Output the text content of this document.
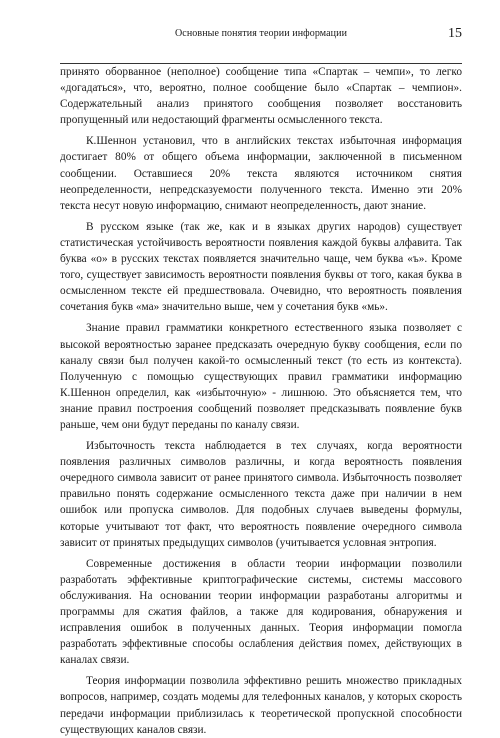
Основные понятия теории информации	15

принято оборванное (неполное) сообщение типа «Спартак – чемпи», то легко «догадаться», что, вероятно, полное сообщение было «Спартак – чемпион». Содержательный анализ принятого сообщения позволяет восстановить пропущенный или недостающий фрагменты осмысленного текста.

К.Шеннон установил, что в английских текстах избыточная информация достигает 80% от общего объема информации, заключенной в письменном сообщении. Оставшиеся 20% текста являются источником снятия неопределенности, непредсказуемости полученного текста. Именно эти 20% текста несут новую информацию, снимают неопределенность, дают знание.

В русском языке (так же, как и в языках других народов) существует статистическая устойчивость вероятности появления каждой буквы алфавита. Так буква «о» в русских текстах появляется значительно чаще, чем буква «ъ». Кроме того, существует зависимость вероятности появления буквы от того, какая буква в осмысленном тексте ей предшествовала. Очевидно, что вероятность появления сочетания букв «ма» значительно выше, чем у сочетания букв «мь».

Знание правил грамматики конкретного естественного языка позволяет с высокой вероятностью заранее предсказать очередную букву сообщения, если по каналу связи был получен какой-то осмысленный текст (то есть из контекста). Полученную с помощью существующих правил грамматики информацию К.Шеннон определил, как «избыточную» - лишнюю. Это объясняется тем, что знание правил построения сообщений позволяет предсказывать появление букв раньше, чем они будут переданы по каналу связи.

Избыточность текста наблюдается в тех случаях, когда вероятности появления различных символов различны, и когда вероятность появления очередного символа зависит от ранее принятого символа. Избыточность позволяет правильно понять содержание осмысленного текста даже при наличии в нем ошибок или пропуска символов. Для подобных случаев выведены формулы, которые учитывают тот факт, что вероятность появление очередного символа зависит от принятых предыдущих символов (учитывается условная энтропия.

Современные достижения в области теории информации позволили разработать эффективные криптографические системы, системы массового обслуживания. На основании теории информации разработаны алгоритмы и программы для сжатия файлов, а также для кодирования, обнаружения и исправления ошибок в полученных данных. Теория информации помогла разработать эффективные способы ослабления действия помех, действующих в каналах связи.

Теория информации позволила эффективно решить множество прикладных вопросов, например, создать модемы для телефонных каналов, у которых скорость передачи информации приблизилась к теоретической пропускной способности существующих каналов связи.
